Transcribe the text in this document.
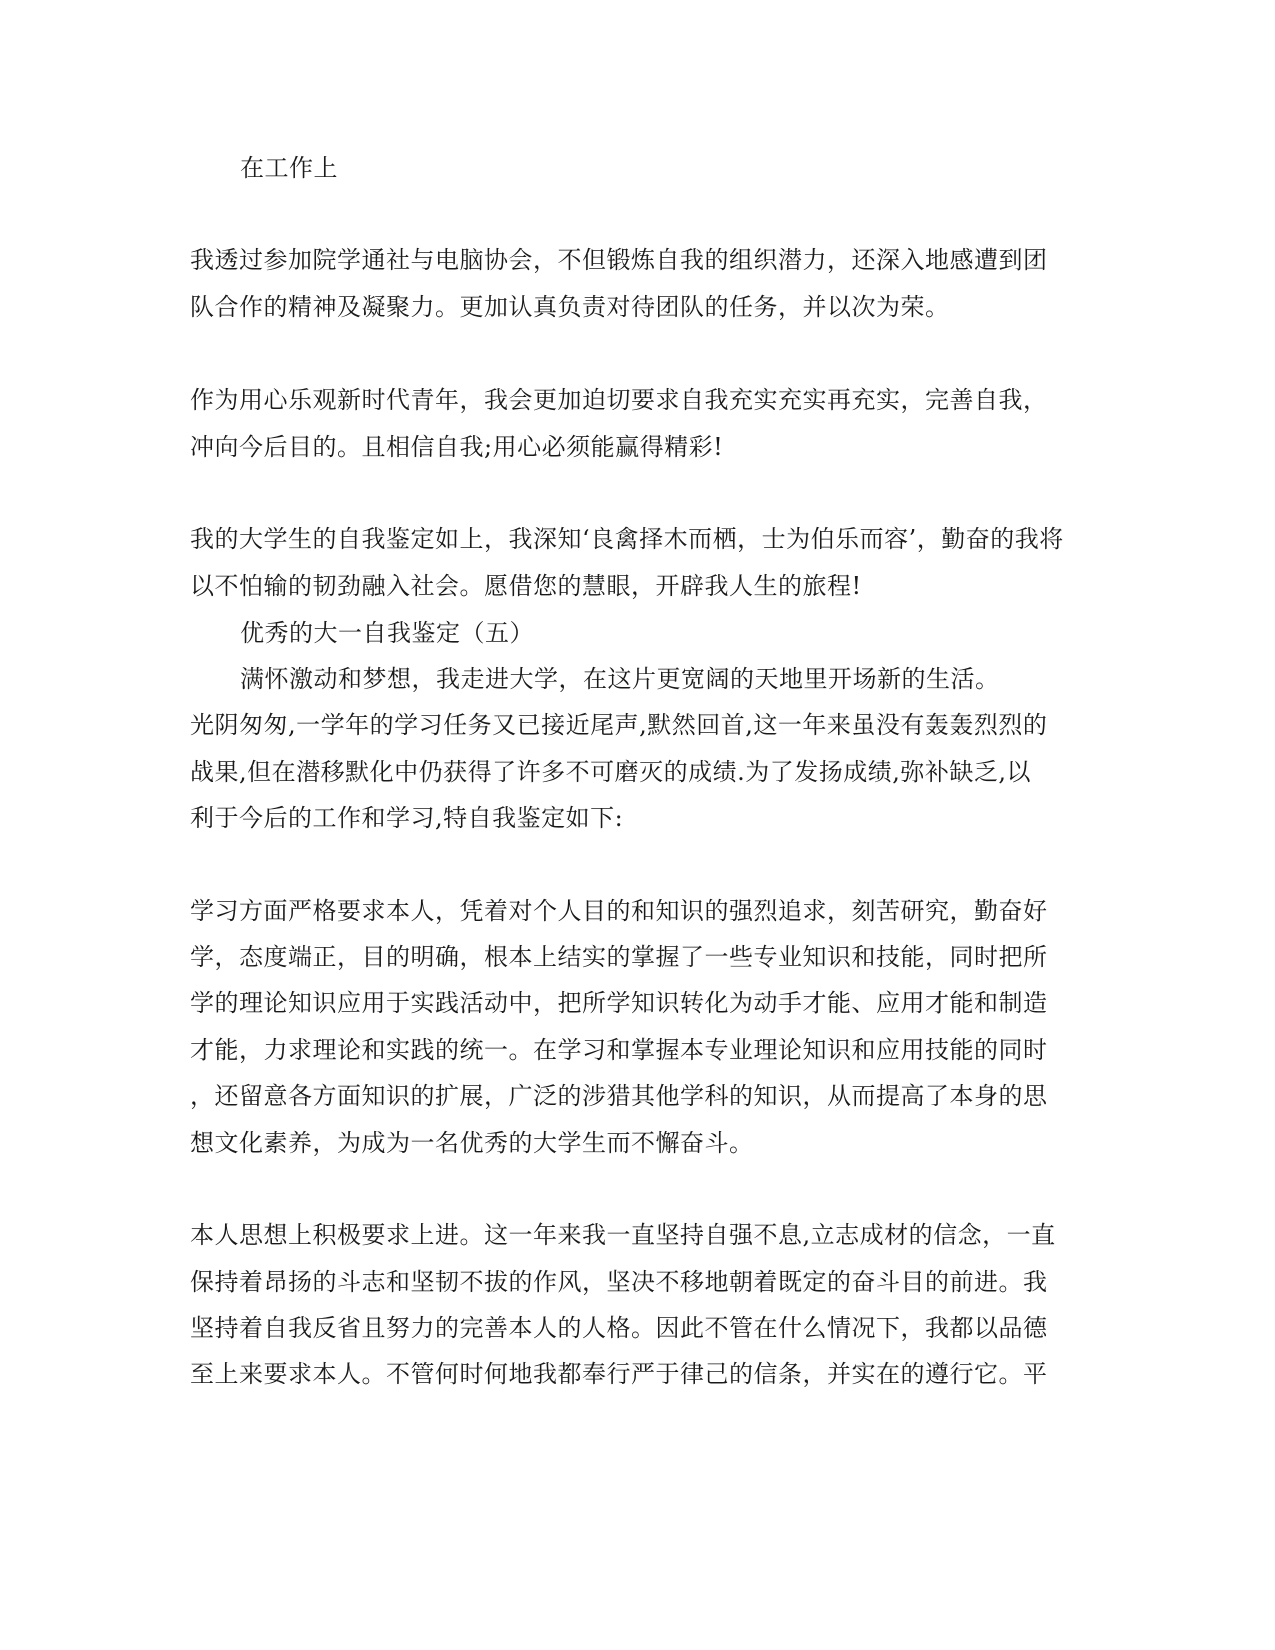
在工作上
我透过参加院学通社与电脑协会，不但锻炼自我的组织潜力，还深入地感遭到团
队合作的精神及凝聚力。更加认真负责对待团队的任务，并以次为荣。
作为用心乐观新时代青年，我会更加迫切要求自我充实充实再充实，完善自我，
冲向今后目的。且相信自我;用心必须能赢得精彩!
我的大学生的自我鉴定如上，我深知‘良禽择木而栖，士为伯乐而容’，勤奋的我将
以不怕输的韧劲融入社会。愿借您的慧眼，开辟我人生的旅程!
优秀的大一自我鉴定（五）
满怀激动和梦想，我走进大学，在这片更宽阔的天地里开场新的生活。
光阴匆匆,一学年的学习任务又已接近尾声,默然回首,这一年来虽没有轰轰烈烈的
战果,但在潜移默化中仍获得了许多不可磨灭的成绩.为了发扬成绩,弥补缺乏,以
利于今后的工作和学习,特自我鉴定如下:
学习方面严格要求本人，凭着对个人目的和知识的强烈追求，刻苦研究，勤奋好
学，态度端正，目的明确，根本上结实的掌握了一些专业知识和技能，同时把所
学的理论知识应用于实践活动中，把所学知识转化为动手才能、应用才能和制造
才能，力求理论和实践的统一。在学习和掌握本专业理论知识和应用技能的同时
，还留意各方面知识的扩展，广泛的涉猎其他学科的知识，从而提高了本身的思
想文化素养，为成为一名优秀的大学生而不懈奋斗。
本人思想上积极要求上进。这一年来我一直坚持自强不息,立志成材的信念，一直
保持着昂扬的斗志和坚韧不拔的作风，坚决不移地朝着既定的奋斗目的前进。我
坚持着自我反省且努力的完善本人的人格。因此不管在什么情况下，我都以品德
至上来要求本人。不管何时何地我都奉行严于律己的信条，并实在的遵行它。平
